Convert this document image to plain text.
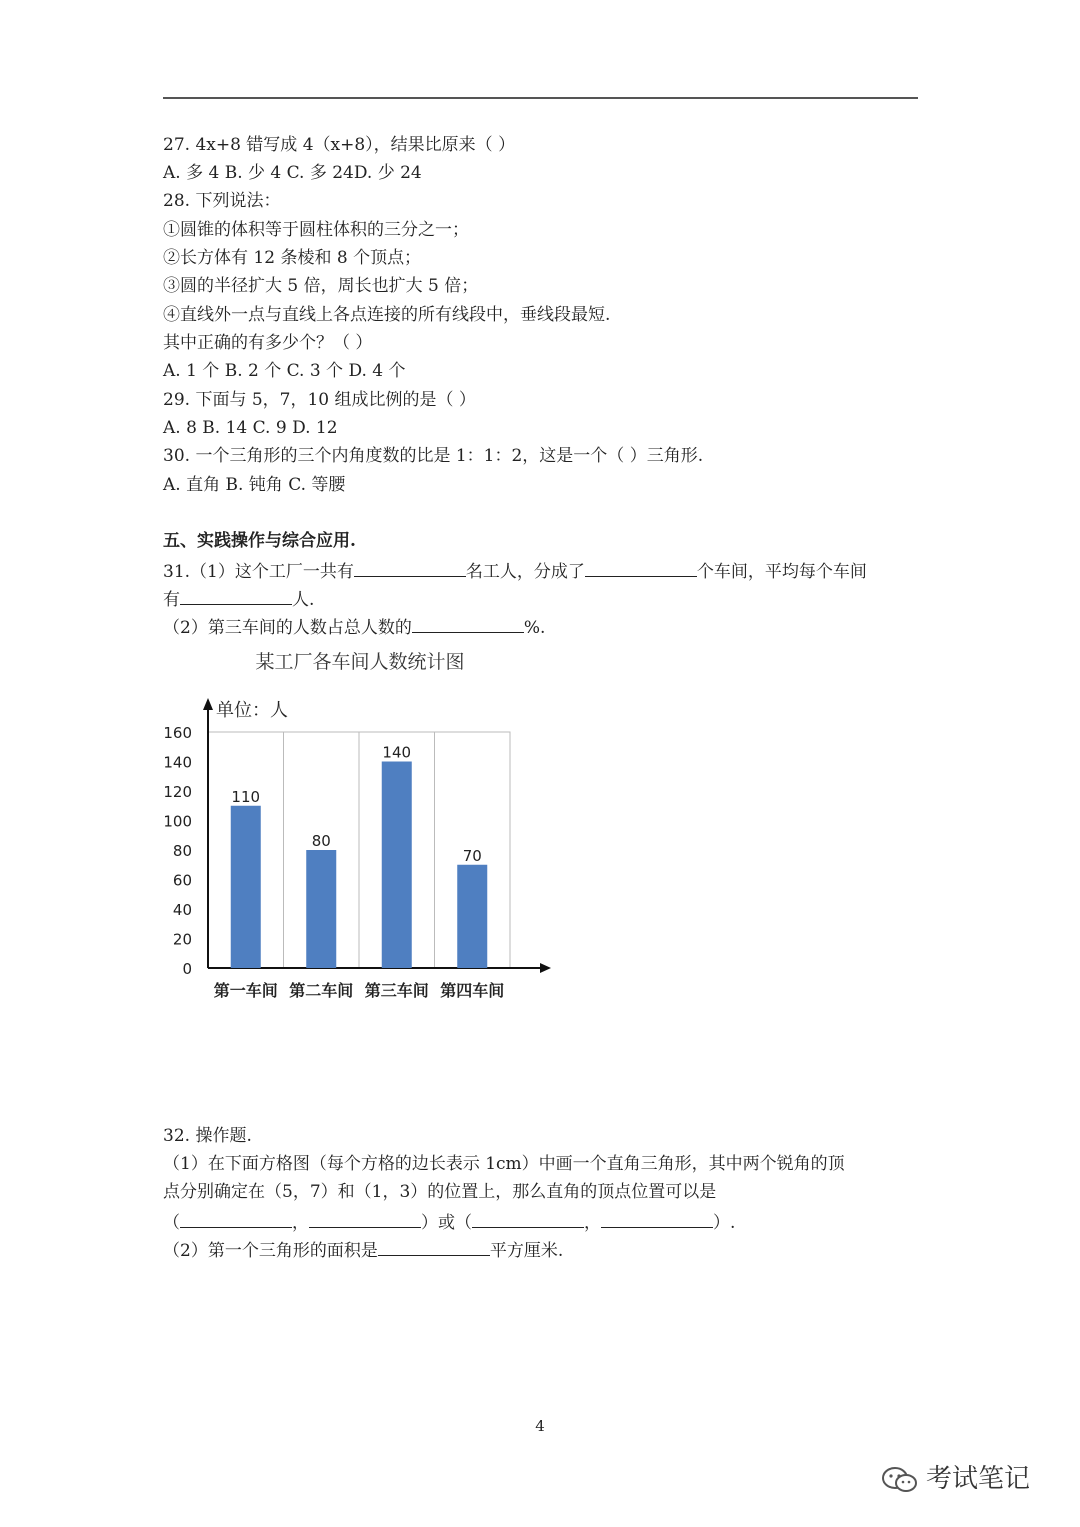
27. 4x+8 错写成 4（x+8），结果比原来（ ）
A. 多 4 B. 少 4 C. 多 24D. 少 24
28. 下列说法：
①圆锥的体积等于圆柱体积的三分之一；
②长方体有 12 条棱和 8 个顶点；
③圆的半径扩大 5 倍，周长也扩大 5 倍；
④直线外一点与直线上各点连接的所有线段中，垂线段最短.
其中正确的有多少个？（ ）
A. 1 个 B. 2 个 C. 3 个 D. 4 个
29. 下面与 5，7，10 组成比例的是（ ）
A. 8 B. 14 C. 9 D. 12
30. 一个三角形的三个内角度数的比是 1：1：2，这是一个（ ）三角形.
A. 直角 B. 钝角 C. 等腰
五、实践操作与综合应用.
31.（1）这个工厂一共有	名工人，分成了	个车间，平均每个车间
有	人.
（2）第三车间的人数占总人数的	%.
某工厂各车间人数统计图
单位：人
0
20
40
60
80
100
120
140
160
110
第一车间
80
第二车间
140
第三车间
70
第四车间
32. 操作题.
（1）在下面方格图（每个方格的边长表示 1cm）中画一个直角三角形，其中两个锐角的顶
点分别确定在（5，7）和（1，3）的位置上，那么直角的顶点位置可以是
（	，	）或（	，	）.
（2）第一个三角形的面积是	平方厘米.
4
考试笔记
